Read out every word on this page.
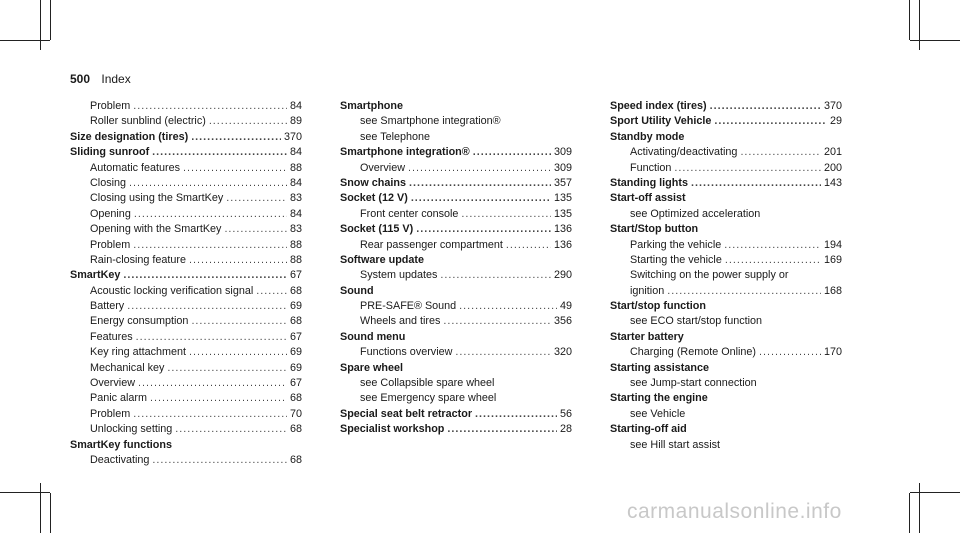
500 Index
Problem .....	84
Roller sunblind (electric) .....	89
Size designation (tires) .....	370
Sliding sunroof .....	84
Automatic features .....	88
Closing .....	84
Closing using the SmartKey .....	83
Opening .....	84
Opening with the SmartKey .....	83
Problem .....	88
Rain-closing feature .....	88
SmartKey .....	67
Acoustic locking verification signal .....	68
Battery .....	69
Energy consumption .....	68
Features .....	67
Key ring attachment .....	69
Mechanical key .....	69
Overview .....	67
Panic alarm .....	68
Problem .....	70
Unlocking setting .....	68
SmartKey functions
Deactivating .....	68
Smartphone
see Smartphone integration®
see Telephone
Smartphone integration® .....	309
Overview .....	309
Snow chains .....	357
Socket (12 V) .....	135
Front center console .....	135
Socket (115 V) .....	136
Rear passenger compartment .....	136
Software update
System updates .....	290
Sound
PRE-SAFE® Sound .....	49
Wheels and tires .....	356
Sound menu
Functions overview .....	320
Spare wheel
see Collapsible spare wheel
see Emergency spare wheel
Special seat belt retractor .....	56
Specialist workshop .....	28
Speed index (tires) .....	370
Sport Utility Vehicle .....	29
Standby mode
Activating/deactivating .....	201
Function .....	200
Standing lights .....	143
Start-off assist
see Optimized acceleration
Start/Stop button
Parking the vehicle .....	194
Starting the vehicle .....	169
Switching on the power supply or
ignition .....	168
Start/stop function
see ECO start/stop function
Starter battery
Charging (Remote Online) .....	170
Starting assistance
see Jump-start connection
Starting the engine
see Vehicle
Starting-off aid
see Hill start assist
carmanualsonline.info
